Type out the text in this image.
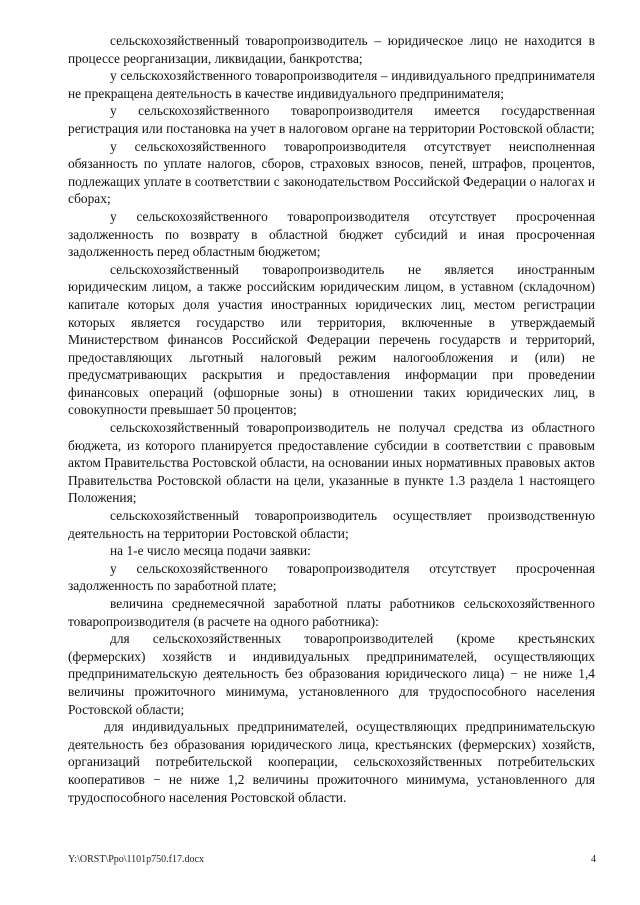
сельскохозяйственный товаропроизводитель – юридическое лицо не находится в процессе реорганизации, ликвидации, банкротства;

у сельскохозяйственного товаропроизводителя – индивидуального предпринимателя не прекращена деятельность в качестве индивидуального предпринимателя;

у сельскохозяйственного товаропроизводителя имеется государственная регистрация или постановка на учет в налоговом органе на территории Ростовской области;

у сельскохозяйственного товаропроизводителя отсутствует неисполненная обязанность по уплате налогов, сборов, страховых взносов, пеней, штрафов, процентов, подлежащих уплате в соответствии с законодательством Российской Федерации о налогах и сборах;

у сельскохозяйственного товаропроизводителя отсутствует просроченная задолженность по возврату в областной бюджет субсидий и иная просроченная задолженность перед областным бюджетом;

сельскохозяйственный товаропроизводитель не является иностранным юридическим лицом, а также российским юридическим лицом, в уставном (складочном) капитале которых доля участия иностранных юридических лиц, местом регистрации которых является государство или территория, включенные в утверждаемый Министерством финансов Российской Федерации перечень государств и территорий, предоставляющих льготный налоговый режим налогообложения и (или) не предусматривающих раскрытия и предоставления информации при проведении финансовых операций (офшорные зоны) в отношении таких юридических лиц, в совокупности превышает 50 процентов;

сельскохозяйственный товаропроизводитель не получал средства из областного бюджета, из которого планируется предоставление субсидии в соответствии с правовым актом Правительства Ростовской области, на основании иных нормативных правовых актов Правительства Ростовской области на цели, указанные в пункте 1.3 раздела 1 настоящего Положения;

сельскохозяйственный товаропроизводитель осуществляет производственную деятельность на территории Ростовской области;

на 1-е число месяца подачи заявки:

у сельскохозяйственного товаропроизводителя отсутствует просроченная задолженность по заработной плате;

величина среднемесячной заработной платы работников сельскохозяйственного товаропроизводителя (в расчете на одного работника):

для сельскохозяйственных товаропроизводителей (кроме крестьянских (фермерских) хозяйств и индивидуальных предпринимателей, осуществляющих предпринимательскую деятельность без образования юридического лица) − не ниже 1,4 величины прожиточного минимума, установленного для трудоспособного населения Ростовской области;

для индивидуальных предпринимателей, осуществляющих предпринимательскую деятельность без образования юридического лица, крестьянских (фермерских) хозяйств, организаций потребительской кооперации, сельскохозяйственных потребительских кооперативов − не ниже 1,2 величины прожиточного минимума, установленного для трудоспособного населения Ростовской области.

Y:\ORST\Ppo\1101p750.f17.docx	4
